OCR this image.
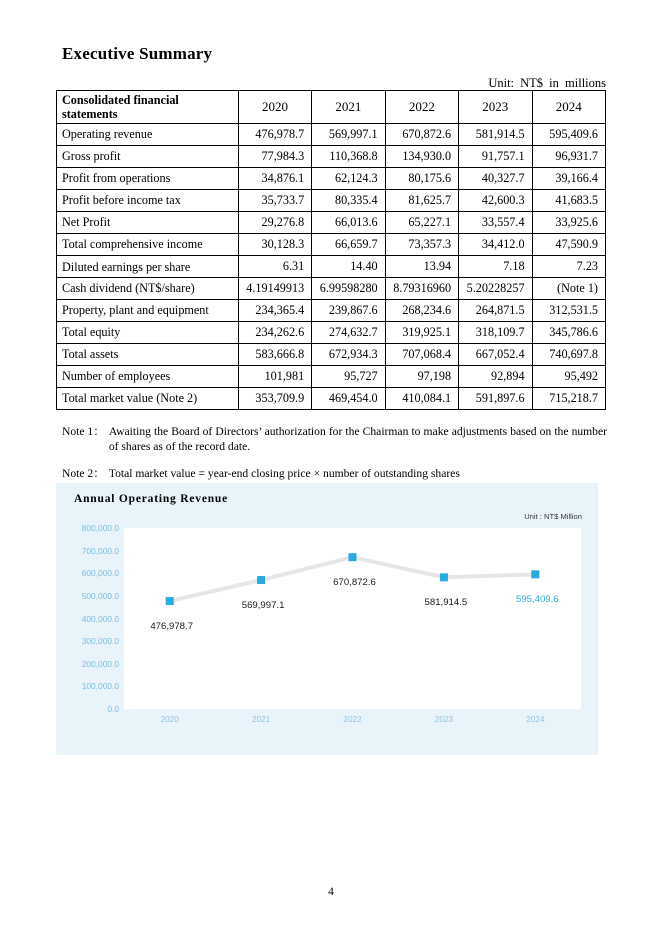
Executive Summary
Unit: NT$ in millions
Consolidated financial statements	2020	2021	2022	2023	2024
Operating revenue	476,978.7	569,997.1	670,872.6	581,914.5	595,409.6
Gross profit	77,984.3	110,368.8	134,930.0	91,757.1	96,931.7
Profit from operations	34,876.1	62,124.3	80,175.6	40,327.7	39,166.4
Profit before income tax	35,733.7	80,335.4	81,625.7	42,600.3	41,683.5
Net Profit	29,276.8	66,013.6	65,227.1	33,557.4	33,925.6
Total comprehensive income	30,128.3	66,659.7	73,357.3	34,412.0	47,590.9
Diluted earnings per share	6.31	14.40	13.94	7.18	7.23
Cash dividend (NT$/share)	4.19149913	6.99598280	8.79316960	5.20228257	(Note 1)
Property, plant and equipment	234,365.4	239,867.6	268,234.6	264,871.5	312,531.5
Total equity	234,262.6	274,632.7	319,925.1	318,109.7	345,786.6
Total assets	583,666.8	672,934.3	707,068.4	667,052.4	740,697.8
Number of employees	101,981	95,727	97,198	92,894	95,492
Total market value (Note 2)	353,709.9	469,454.0	410,084.1	591,897.6	715,218.7
Note 1： Awaiting the Board of Directors’ authorization for the Chairman to make adjustments based on the number of shares as of the record date.
Note 2： Total market value = year-end closing price × number of outstanding shares
Annual Operating Revenue
Unit : NT$ Million
800,000.0
700,000.0
600,000.0
500,000.0
400,000.0
300,000.0
200,000.0
100,000.0
0.0
2020	2021	2022	2023	2024
476,978.7
569,997.1
670,872.6
581,914.5	595,409.6
4
